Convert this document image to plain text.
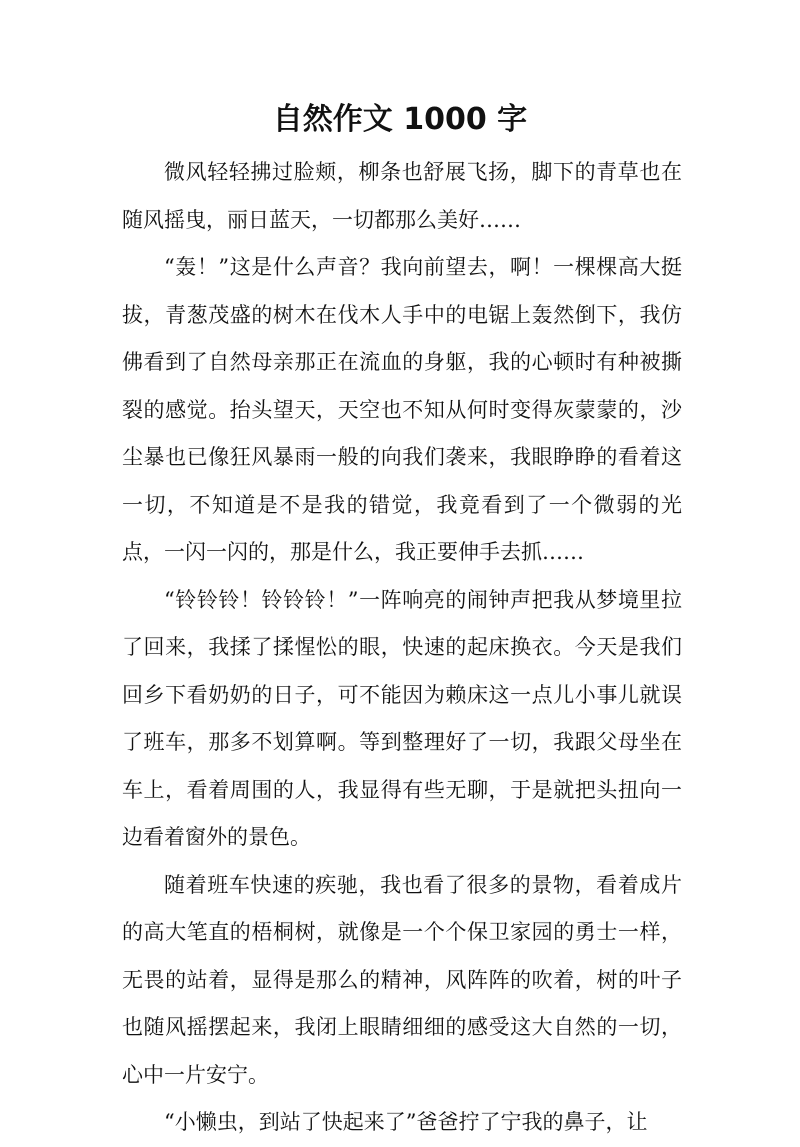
自然作文 1000 字

微风轻轻拂过脸颊，柳条也舒展飞扬，脚下的青草也在随风摇曳，丽日蓝天，一切都那么美好……

“轰！”这是什么声音？我向前望去，啊！一棵棵高大挺拔，青葱茂盛的树木在伐木人手中的电锯上轰然倒下，我仿佛看到了自然母亲那正在流血的身躯，我的心顿时有种被撕裂的感觉。抬头望天，天空也不知从何时变得灰蒙蒙的，沙尘暴也已像狂风暴雨一般的向我们袭来，我眼睁睁的看着这一切，不知道是不是我的错觉，我竟看到了一个微弱的光点，一闪一闪的，那是什么，我正要伸手去抓……

“铃铃铃！铃铃铃！”一阵响亮的闹钟声把我从梦境里拉了回来，我揉了揉惺忪的眼，快速的起床换衣。今天是我们回乡下看奶奶的日子，可不能因为赖床这一点儿小事儿就误了班车，那多不划算啊。等到整理好了一切，我跟父母坐在车上，看着周围的人，我显得有些无聊，于是就把头扭向一边看着窗外的景色。

随着班车快速的疾驰，我也看了很多的景物，看着成片的高大笔直的梧桐树，就像是一个个保卫家园的勇士一样，无畏的站着，显得是那么的精神，风阵阵的吹着，树的叶子也随风摇摆起来，我闭上眼睛细细的感受这大自然的一切，心中一片安宁。

“小懒虫，到站了快起来了”爸爸拧了宁我的鼻子，让
